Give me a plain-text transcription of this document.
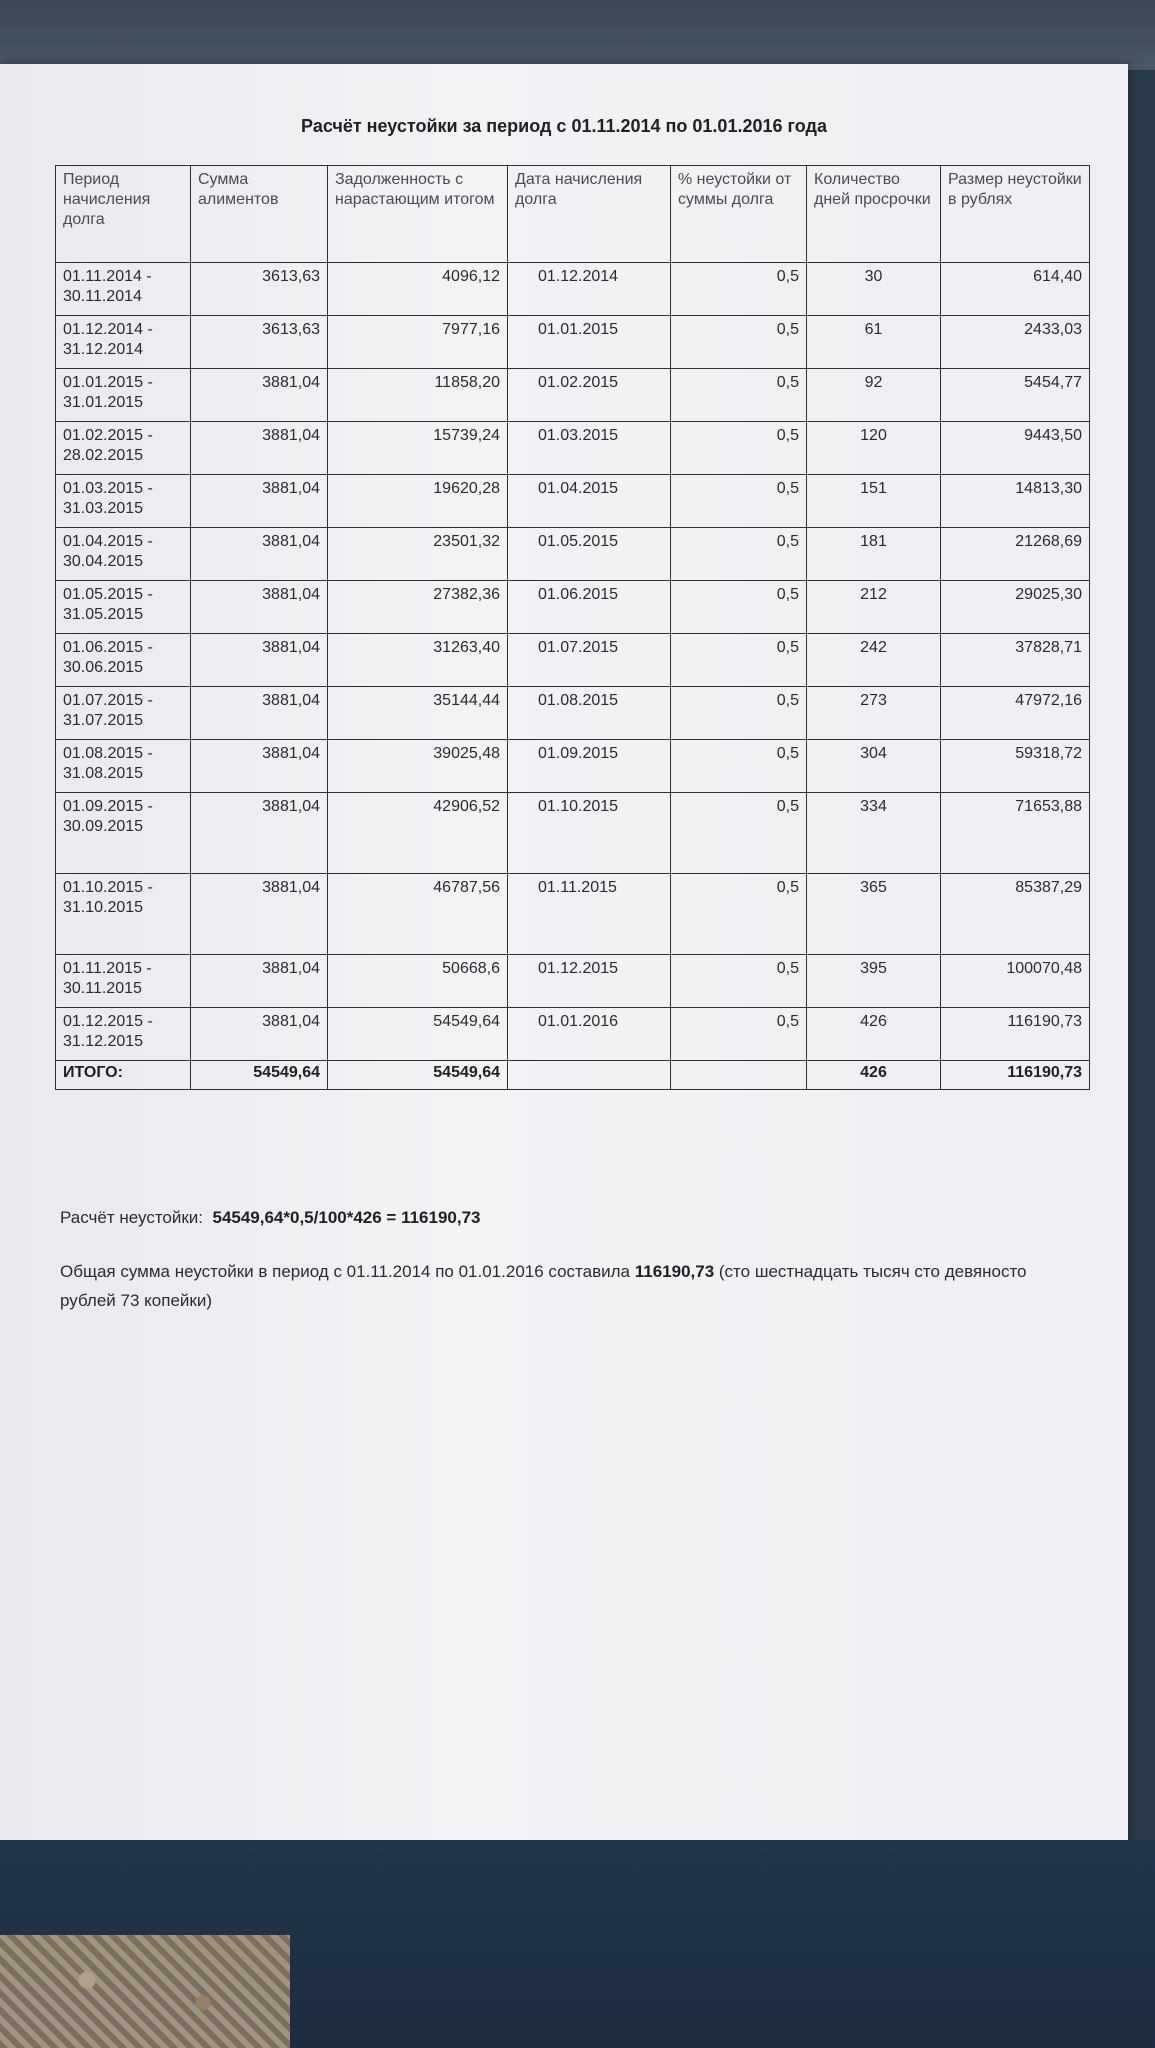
Расчёт неустойки за период с 01.11.2014 по 01.01.2016 года
Период начисления долга	Сумма алиментов	Задолженность с нарастающим итогом	Дата начисления долга	% неустойки от суммы долга	Количество дней просрочки	Размер неустойки в рублях
01.11.2014 - 30.11.2014	3613,63	4096,12	01.12.2014	0,5	30	614,40
01.12.2014 - 31.12.2014	3613,63	7977,16	01.01.2015	0,5	61	2433,03
01.01.2015 - 31.01.2015	3881,04	11858,20	01.02.2015	0,5	92	5454,77
01.02.2015 - 28.02.2015	3881,04	15739,24	01.03.2015	0,5	120	9443,50
01.03.2015 - 31.03.2015	3881,04	19620,28	01.04.2015	0,5	151	14813,30
01.04.2015 - 30.04.2015	3881,04	23501,32	01.05.2015	0,5	181	21268,69
01.05.2015 - 31.05.2015	3881,04	27382,36	01.06.2015	0,5	212	29025,30
01.06.2015 - 30.06.2015	3881,04	31263,40	01.07.2015	0,5	242	37828,71
01.07.2015 - 31.07.2015	3881,04	35144,44	01.08.2015	0,5	273	47972,16
01.08.2015 - 31.08.2015	3881,04	39025,48	01.09.2015	0,5	304	59318,72
01.09.2015 - 30.09.2015	3881,04	42906,52	01.10.2015	0,5	334	71653,88
01.10.2015 - 31.10.2015	3881,04	46787,56	01.11.2015	0,5	365	85387,29
01.11.2015 - 30.11.2015	3881,04	50668,6	01.12.2015	0,5	395	100070,48
01.12.2015 - 31.12.2015	3881,04	54549,64	01.01.2016	0,5	426	116190,73
ИТОГО:	54549,64	54549,64			426	116190,73
Расчёт неустойки: 54549,64*0,5/100*426 = 116190,73
Общая сумма неустойки в период с 01.11.2014 по 01.01.2016 составила 116190,73 (сто шестнадцать тысяч сто девяносто рублей 73 копейки)
